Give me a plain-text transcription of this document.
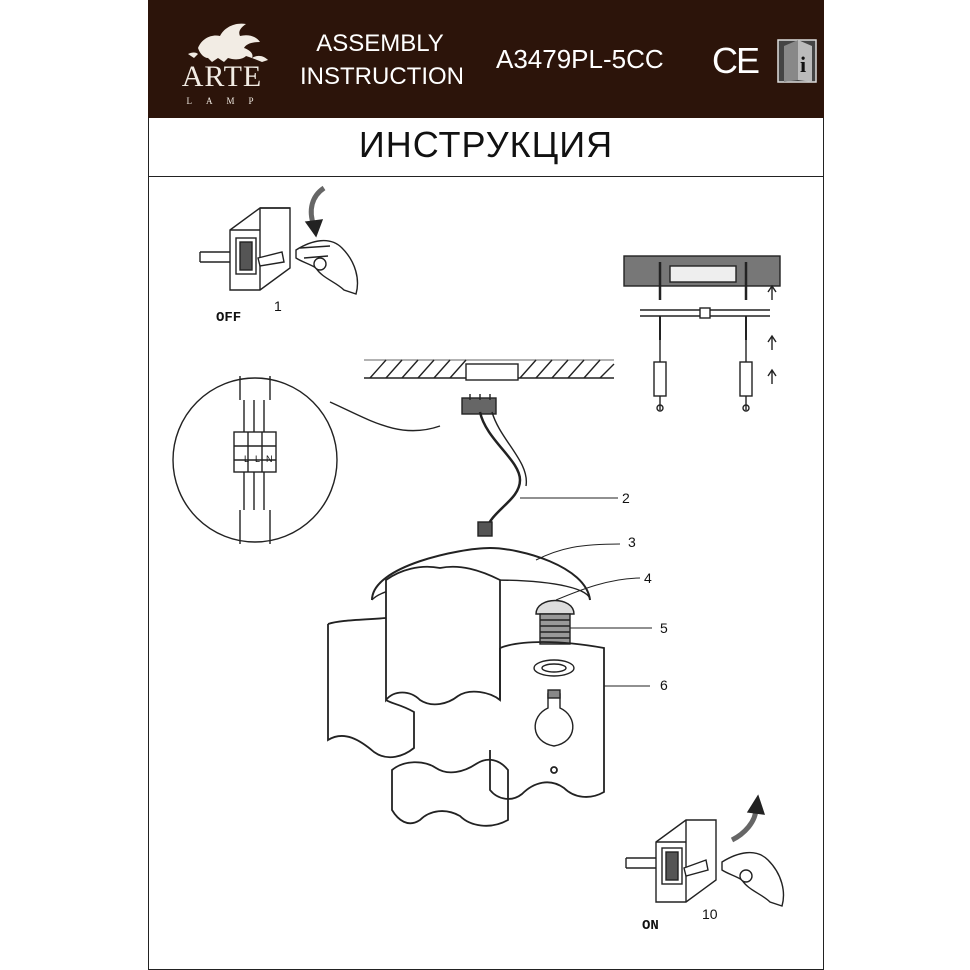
ARTE
LAMP
ASSEMBLY
INSTRUCTION
A3479PL-5CC CE i
ИНСТРУКЦИЯ
OFF
1
LLN
2
3
4
5
6
ON
10
